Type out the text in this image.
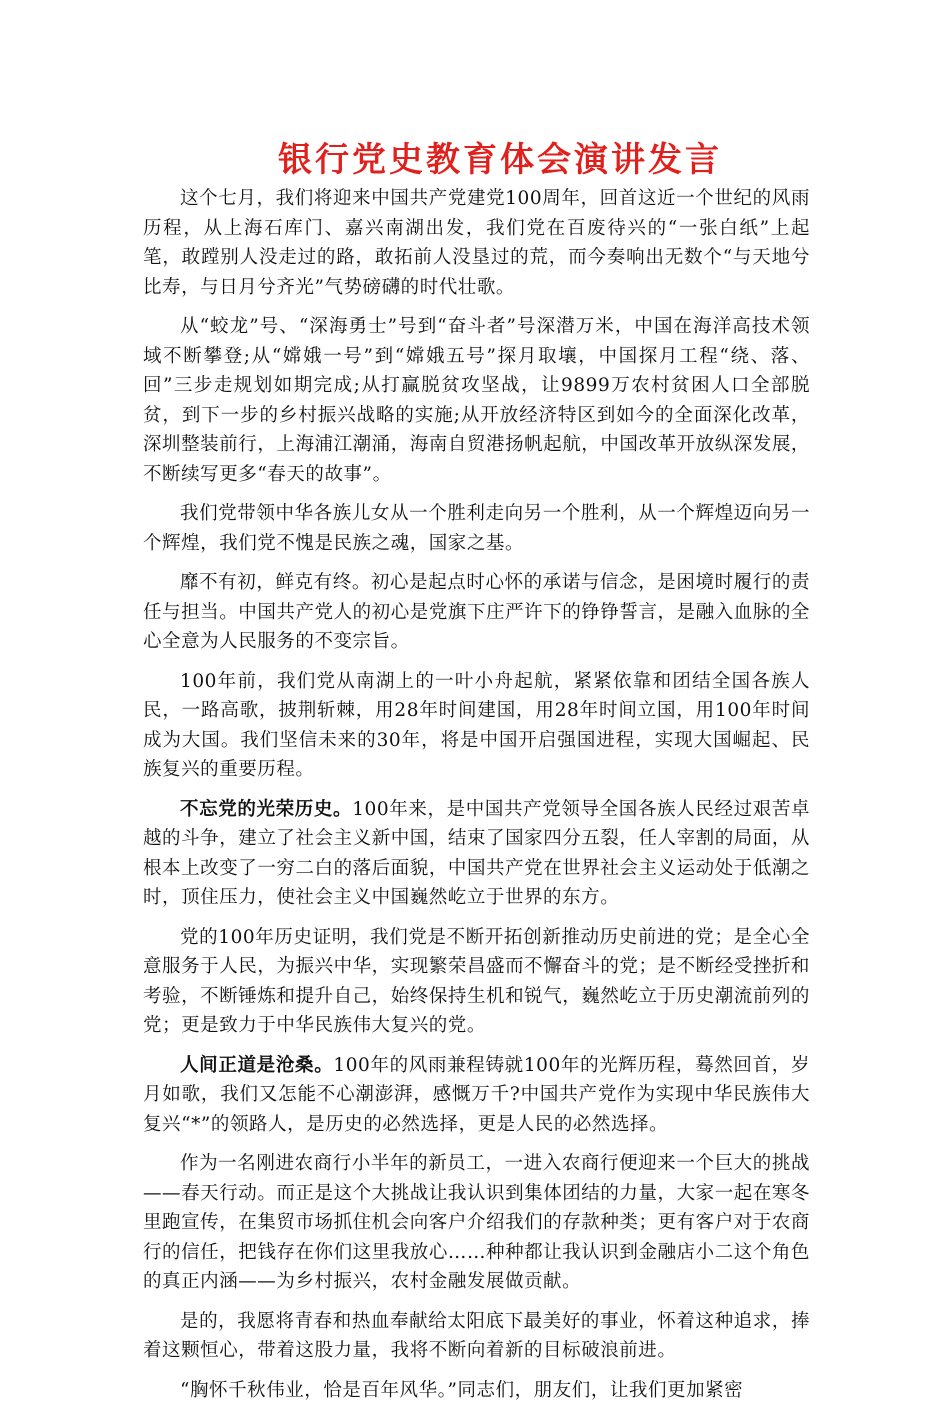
银行党史教育体会演讲发言

这个七月，我们将迎来中国共产党建党100周年，回首这近一个世纪的风雨历程，从上海石库门、嘉兴南湖出发，我们党在百废待兴的“一张白纸”上起笔，敢蹚别人没走过的路，敢拓前人没垦过的荒，而今奏响出无数个“与天地兮比寿，与日月兮齐光”气势磅礴的时代壮歌。

从“蛟龙”号、“深海勇士”号到“奋斗者”号深潜万米，中国在海洋高技术领域不断攀登;从“嫦娥一号”到“嫦娥五号”探月取壤，中国探月工程“绕、落、回”三步走规划如期完成;从打赢脱贫攻坚战，让9899万农村贫困人口全部脱贫，到下一步的乡村振兴战略的实施;从开放经济特区到如今的全面深化改革，深圳整装前行，上海浦江潮涌，海南自贸港扬帆起航，中国改革开放纵深发展，不断续写更多“春天的故事”。

我们党带领中华各族儿女从一个胜利走向另一个胜利，从一个辉煌迈向另一个辉煌，我们党不愧是民族之魂，国家之基。

靡不有初，鲜克有终。初心是起点时心怀的承诺与信念，是困境时履行的责任与担当。中国共产党人的初心是党旗下庄严许下的铮铮誓言，是融入血脉的全心全意为人民服务的不变宗旨。

100年前，我们党从南湖上的一叶小舟起航，紧紧依靠和团结全国各族人民，一路高歌，披荆斩棘，用28年时间建国，用28年时间立国，用100年时间成为大国。我们坚信未来的30年，将是中国开启强国进程，实现大国崛起、民族复兴的重要历程。

不忘党的光荣历史。100年来，是中国共产党领导全国各族人民经过艰苦卓越的斗争，建立了社会主义新中国，结束了国家四分五裂，任人宰割的局面，从根本上改变了一穷二白的落后面貌，中国共产党在世界社会主义运动处于低潮之时，顶住压力，使社会主义中国巍然屹立于世界的东方。

党的100年历史证明，我们党是不断开拓创新推动历史前进的党；是全心全意服务于人民，为振兴中华，实现繁荣昌盛而不懈奋斗的党；是不断经受挫折和考验，不断锤炼和提升自己，始终保持生机和锐气，巍然屹立于历史潮流前列的党；更是致力于中华民族伟大复兴的党。

人间正道是沧桑。100年的风雨兼程铸就100年的光辉历程，蓦然回首，岁月如歌，我们又怎能不心潮澎湃，感慨万千?中国共产党作为实现中华民族伟大复兴“*”的领路人，是历史的必然选择，更是人民的必然选择。

作为一名刚进农商行小半年的新员工，一进入农商行便迎来一个巨大的挑战——春天行动。而正是这个大挑战让我认识到集体团结的力量，大家一起在寒冬里跑宣传，在集贸市场抓住机会向客户介绍我们的存款种类；更有客户对于农商行的信任，把钱存在你们这里我放心……种种都让我认识到金融店小二这个角色的真正内涵——为乡村振兴，农村金融发展做贡献。

是的，我愿将青春和热血奉献给太阳底下最美好的事业，怀着这种追求，捧着这颗恒心，带着这股力量，我将不断向着新的目标破浪前进。

“胸怀千秋伟业，恰是百年风华。”同志们，朋友们，让我们更加紧密
